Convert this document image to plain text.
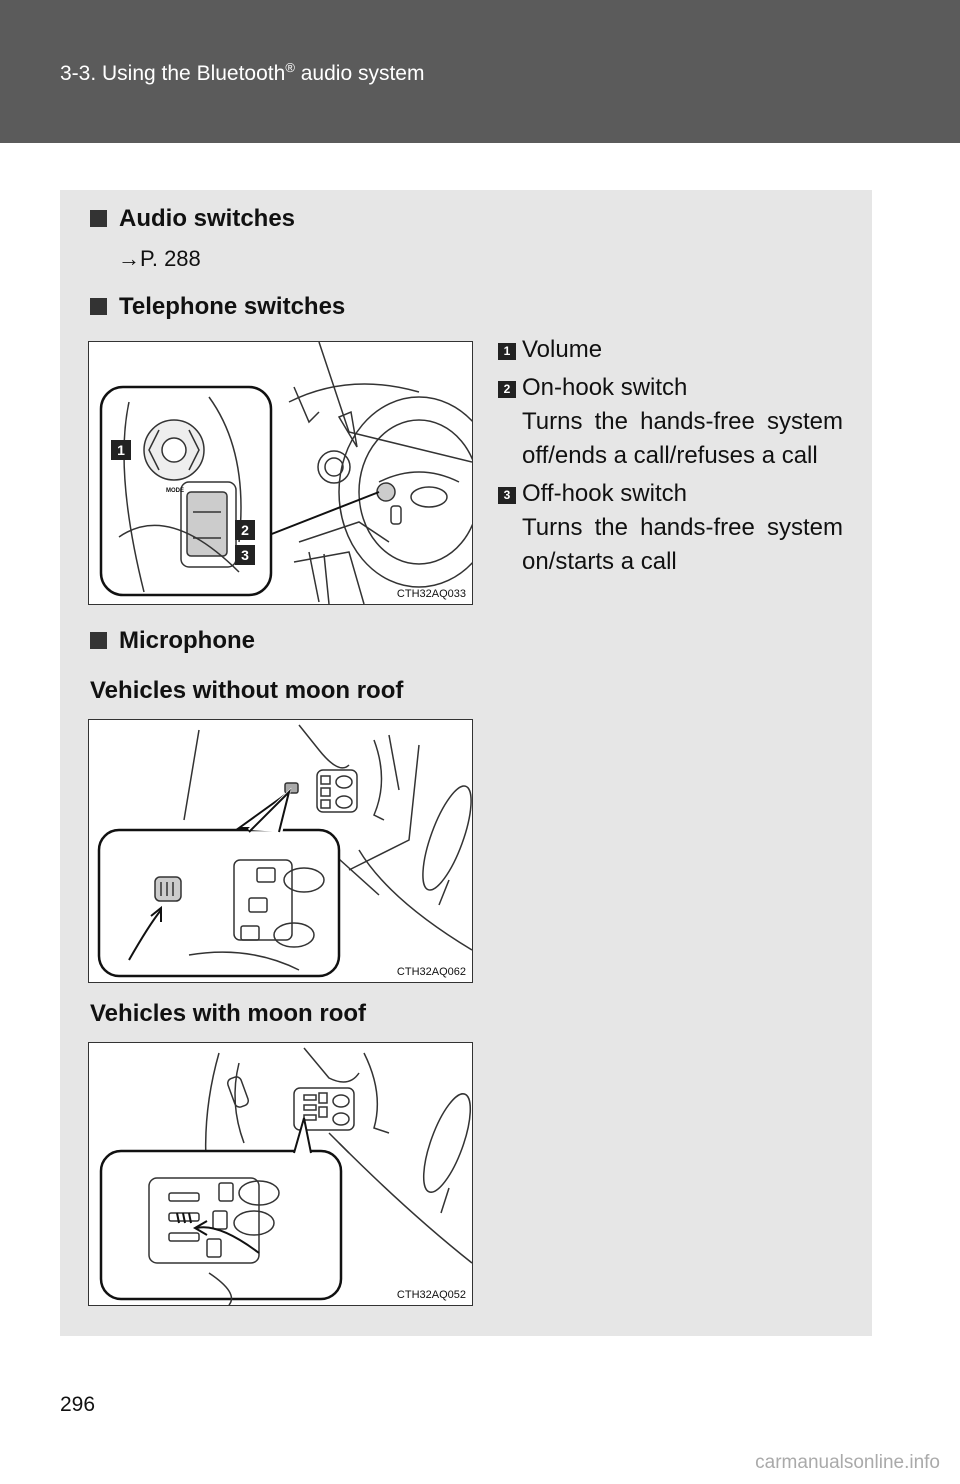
3-3. Using the Bluetooth® audio system
Audio switches
→P. 288
Telephone switches
MODE
1
2
3
CTH32AQ033
1 Volume
2 On-hook switch
Turns the hands-free system off/ends a call/refuses a call
3 Off-hook switch
Turns the hands-free system on/starts a call
Microphone
Vehicles without moon roof
CTH32AQ062
Vehicles with moon roof
CTH32AQ052
296
carmanualsonline.info
